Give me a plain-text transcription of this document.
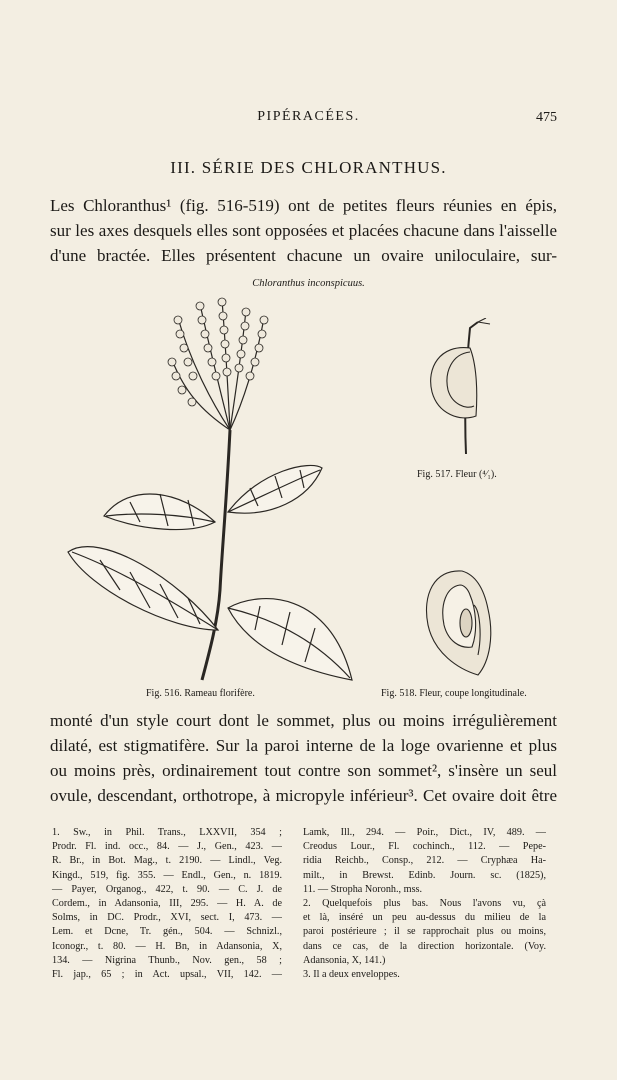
PIPÉRACÉES.	475
III. SÉRIE DES CHLORANTHUS.
Les Chloranthus¹ (fig. 516-519) ont de petites fleurs réunies en épis,
sur les axes desquels elles sont opposées et placées chacune dans l'aisselle
d'une bractée. Elles présentent chacune un ovaire uniloculaire, sur-
Chloranthus inconspicuus.
Fig. 517. Fleur (⁴⁄₁).
Fig. 516. Rameau florifère.	Fig. 518. Fleur, coupe longitudinale.
monté d'un style court dont le sommet, plus ou moins irrégulièrement
dilaté, est stigmatifère. Sur la paroi interne de la loge ovarienne et plus
ou moins près, ordinairement tout contre son sommet², s'insère un seul
ovule, descendant, orthotrope, à micropyle inférieur³. Cet ovaire doit être
1. Sw., in Phil. Trans., LXXVII, 354 ;
Prodr. Fl. ind. occ., 84. — J., Gen., 423. —
R. Br., in Bot. Mag., t. 2190. — Lindl., Veg.
Kingd., 519, fig. 355. — Endl., Gen., n. 1819.
— Payer, Organog., 422, t. 90. — C. J. de
Cordem., in Adansonia, III, 295. — H. A. de
Solms, in DC. Prodr., XVI, sect. I, 473. —
Lem. et Dcne, Tr. gén., 504. — Schnizl.,
Iconogr., t. 80. — H. Bn, in Adansonia, X,
134. — Nigrina Thunb., Nov. gen., 58 ;
Fl. jap., 65 ; in Act. upsal., VII, 142. —
Lamk, Ill., 294. — Poir., Dict., IV, 489. —
Creodus Lour., Fl. cochinch., 112. — Pepe-
ridia Reichb., Consp., 212. — Cryphæa Ha-
milt., in Brewst. Edinb. Journ. sc. (1825),
11. — Stropha Noronh., mss.
2. Quelquefois plus bas. Nous l'avons vu, çà
et là, inséré un peu au-dessus du milieu de la
paroi postérieure ; il se rapprochait plus ou moins,
dans ce cas, de la direction horizontale. (Voy.
Adansonia, X, 141.)
3. Il a deux enveloppes.
